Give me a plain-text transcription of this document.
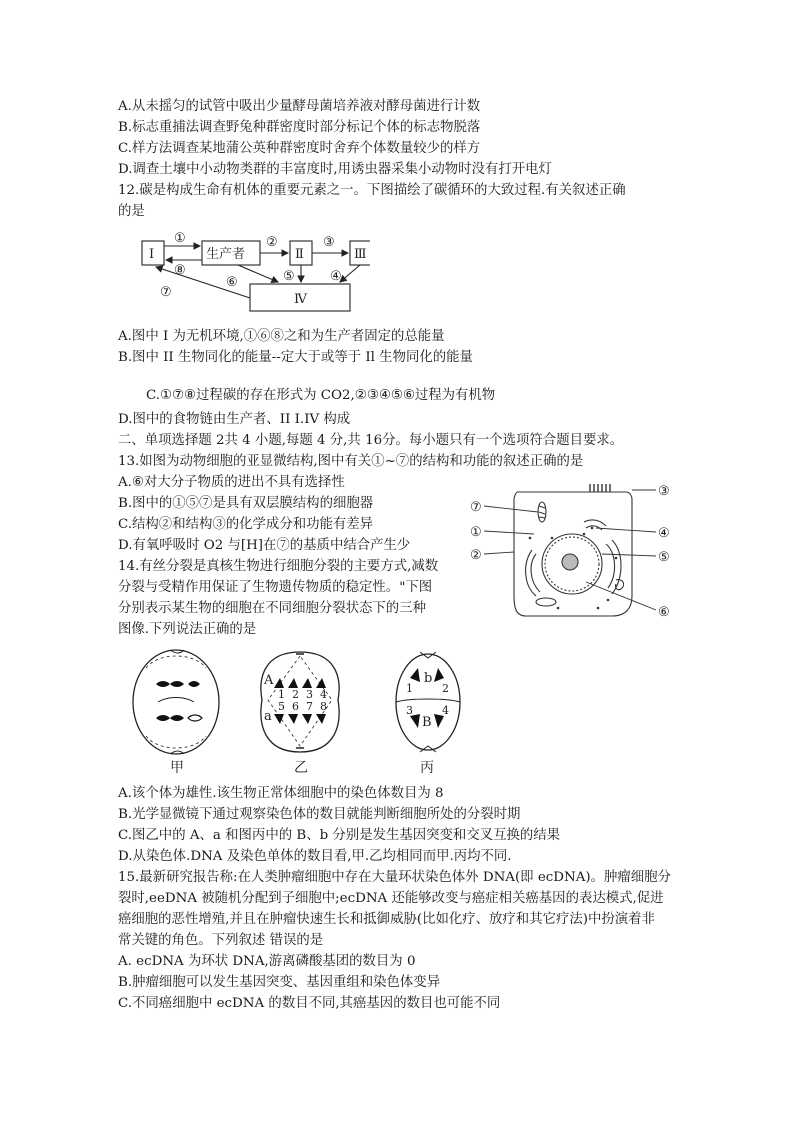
A.从未摇匀的试管中吸出少量酵母菌培养液对酵母菌进行计数
B.标志重捕法调查野兔种群密度时部分标记个体的标志物脱落
C.样方法调查某地蒲公英种群密度时舍弃个体数量较少的样方
D.调查土壤中小动物类群的丰富度时,用诱虫器采集小动物时没有打开电灯
12.碳是构成生命有机体的重要元素之一。下图描绘了碳循环的大致过程.有关叙述正确
的是
Ⅰ	生产者	Ⅱ	Ⅲ
Ⅳ
①	②	③
④
⑤
⑥
⑦
⑧
A.图中 I 为无机环境,①⑥⑧之和为生产者固定的总能量
B.图中 II 生物同化的能量--定大于或等于 Il 生物同化的能量
C.①⑦⑧过程碳的存在形式为 CO2,②③④⑤⑥过程为有机物
D.图中的食物链由生产者、II I.IV 构成
二、单项选择题 2共 4 小题,每题 4 分,共 16分。每小题只有一个选项符合题目要求。
13.如图为动物细胞的亚显微结构,图中有关①~⑦的结构和功能的叙述正确的是
A.⑥对大分子物质的进出不具有选择性
B.图中的①⑤⑦是具有双层膜结构的细胞器
C.结构②和结构③的化学成分和功能有差异
D.有氧呼吸时 O2 与[H]在⑦的基质中结合产生少
⑦
①
②
③
④
⑤
⑥
14.有丝分裂是真核生物进行细胞分裂的主要方式,减数
分裂与受精作用保证了生物遗传物质的稳定性。"下图
分别表示某生物的细胞在不同细胞分裂状态下的三种
图像.下列说法正确的是
A
a
1 2 3 4
5 6 7 8
b
B
1	2
3	4
甲	乙	丙
A.该个体为雄性.该生物正常体细胞中的染色体数目为 8
B.光学显微镜下通过观察染色体的数目就能判断细胞所处的分裂时期
C.图乙中的 A、a 和图丙中的 B、b 分别是发生基因突变和交叉互换的结果
D.从染色体.DNA 及染色单体的数目看,甲.乙均相同而甲.丙均不同.
15.最新研究报告称:在人类肿瘤细胞中存在大量环状染色体外 DNA(即 ecDNA)。肿瘤细胞分
裂时,eeDNA 被随机分配到子细胞中;ecDNA 还能够改变与癌症相关癌基因的表达模式,促进
癌细胞的恶性增殖,并且在肿瘤快速生长和抵御威胁(比如化疗、放疗和其它疗法)中扮演着非
常关键的角色。下列叙述 错误的是
A. ecDNA 为环状 DNA,游离磷酸基团的数目为 0
B.肿瘤细胞可以发生基因突变、基因重组和染色体变异
C.不同癌细胞中 ecDNA 的数目不同,其癌基因的数目也可能不同
